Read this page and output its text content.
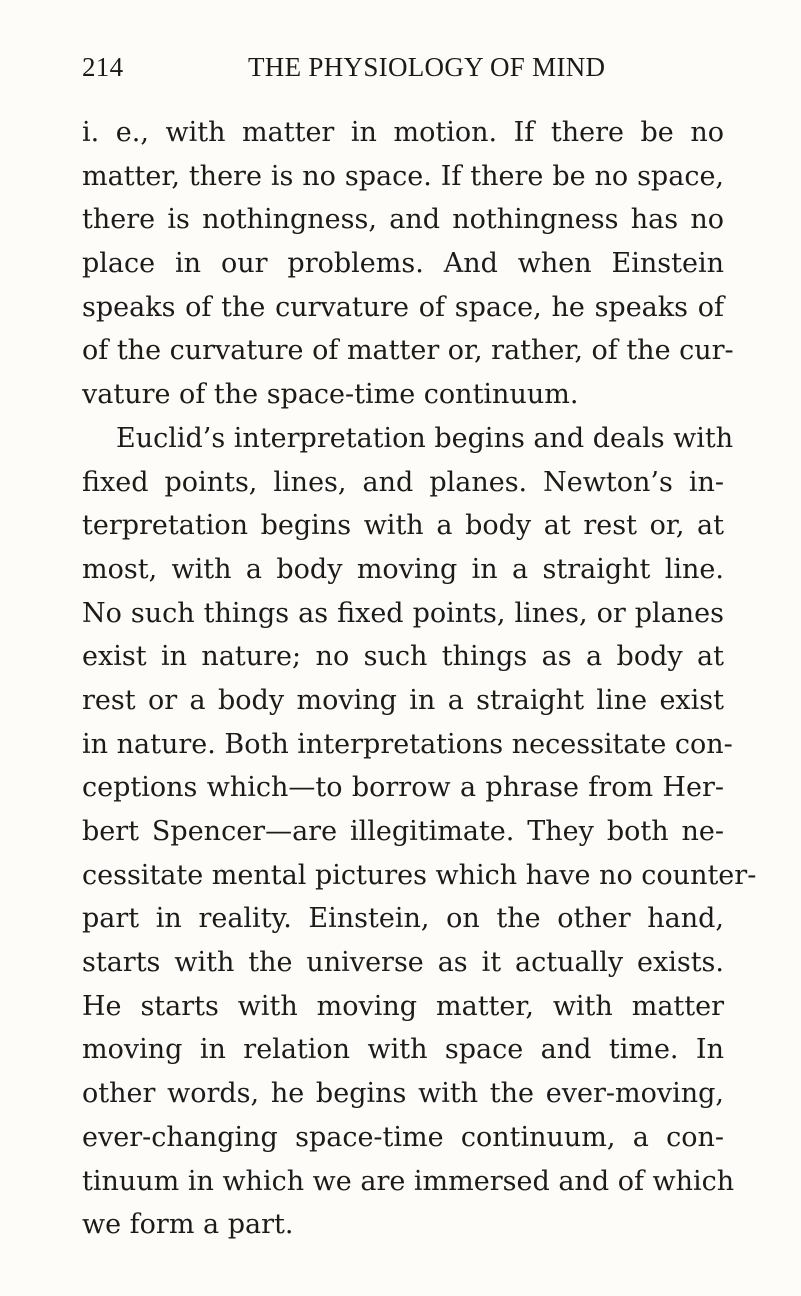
214	THE PHYSIOLOGY OF MIND
i. e., with matter in motion. If there be no
matter, there is no space. If there be no space,
there is nothingness, and nothingness has no
place in our problems. And when Einstein
speaks of the curvature of space, he speaks of
of the curvature of matter or, rather, of the cur-
vature of the space-time continuum.
Euclid’s interpretation begins and deals with
fixed points, lines, and planes. Newton’s in-
terpretation begins with a body at rest or, at
most, with a body moving in a straight line.
No such things as fixed points, lines, or planes
exist in nature; no such things as a body at
rest or a body moving in a straight line exist
in nature. Both interpretations necessitate con-
ceptions which—to borrow a phrase from Her-
bert Spencer—are illegitimate. They both ne-
cessitate mental pictures which have no counter-
part in reality. Einstein, on the other hand,
starts with the universe as it actually exists.
He starts with moving matter, with matter
moving in relation with space and time. In
other words, he begins with the ever-moving,
ever-changing space-time continuum, a con-
tinuum in which we are immersed and of which
we form a part.
